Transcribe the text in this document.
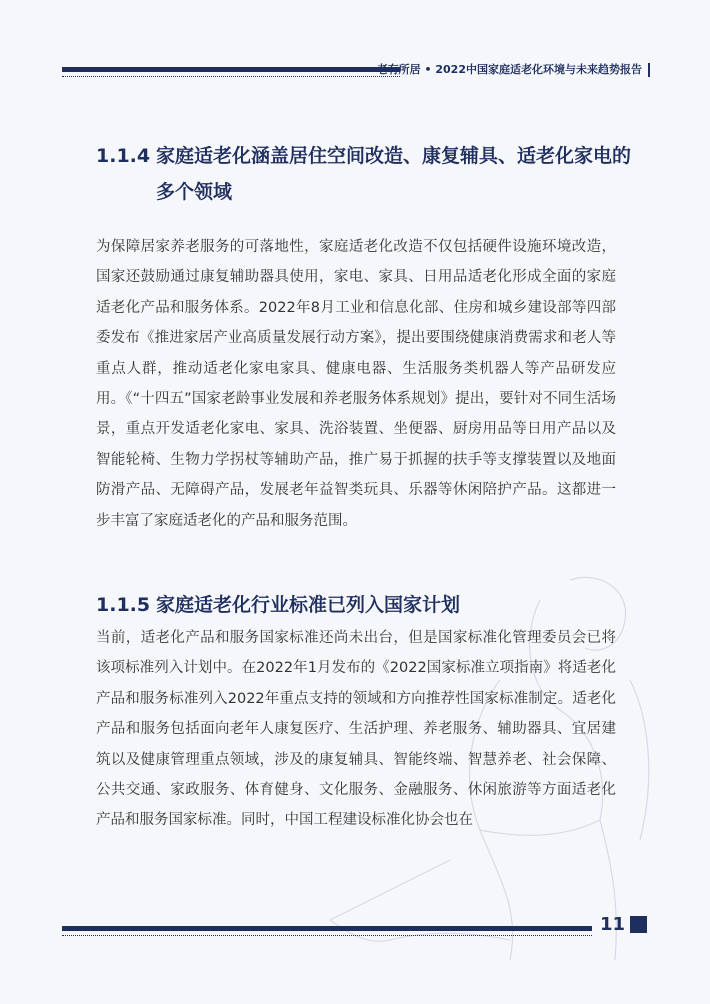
老有所居 • 2022中国家庭适老化环境与未来趋势报告
1.1.4 家庭适老化涵盖居住空间改造、康复辅具、适老化家电的
多个领域
为保障居家养老服务的可落地性，家庭适老化改造不仅包括硬件设施环境改造，国家还鼓励通过康复辅助器具使用，家电、家具、日用品适老化形成全面的家庭适老化产品和服务体系。2022年8月工业和信息化部、住房和城乡建设部等四部委发布《推进家居产业高质量发展行动方案》，提出要围绕健康消费需求和老人等重点人群，推动适老化家电家具、健康电器、生活服务类机器人等产品研发应用。《“十四五”国家老龄事业发展和养老服务体系规划》提出，要针对不同生活场景，重点开发适老化家电、家具、洗浴装置、坐便器、厨房用品等日用产品以及智能轮椅、生物力学拐杖等辅助产品，推广易于抓握的扶手等支撑装置以及地面防滑产品、无障碍产品，发展老年益智类玩具、乐器等休闲陪护产品。这都进一步丰富了家庭适老化的产品和服务范围。
1.1.5 家庭适老化行业标准已列入国家计划
当前，适老化产品和服务国家标准还尚未出台，但是国家标准化管理委员会已将该项标准列入计划中。在2022年1月发布的《2022国家标准立项指南》将适老化产品和服务标准列入2022年重点支持的领域和方向推荐性国家标准制定。适老化产品和服务包括面向老年人康复医疗、生活护理、养老服务、辅助器具、宜居建筑以及健康管理重点领域，涉及的康复辅具、智能终端、智慧养老、社会保障、公共交通、家政服务、体育健身、文化服务、金融服务、休闲旅游等方面适老化产品和服务国家标准。同时，中国工程建设标准化协会也在
11
